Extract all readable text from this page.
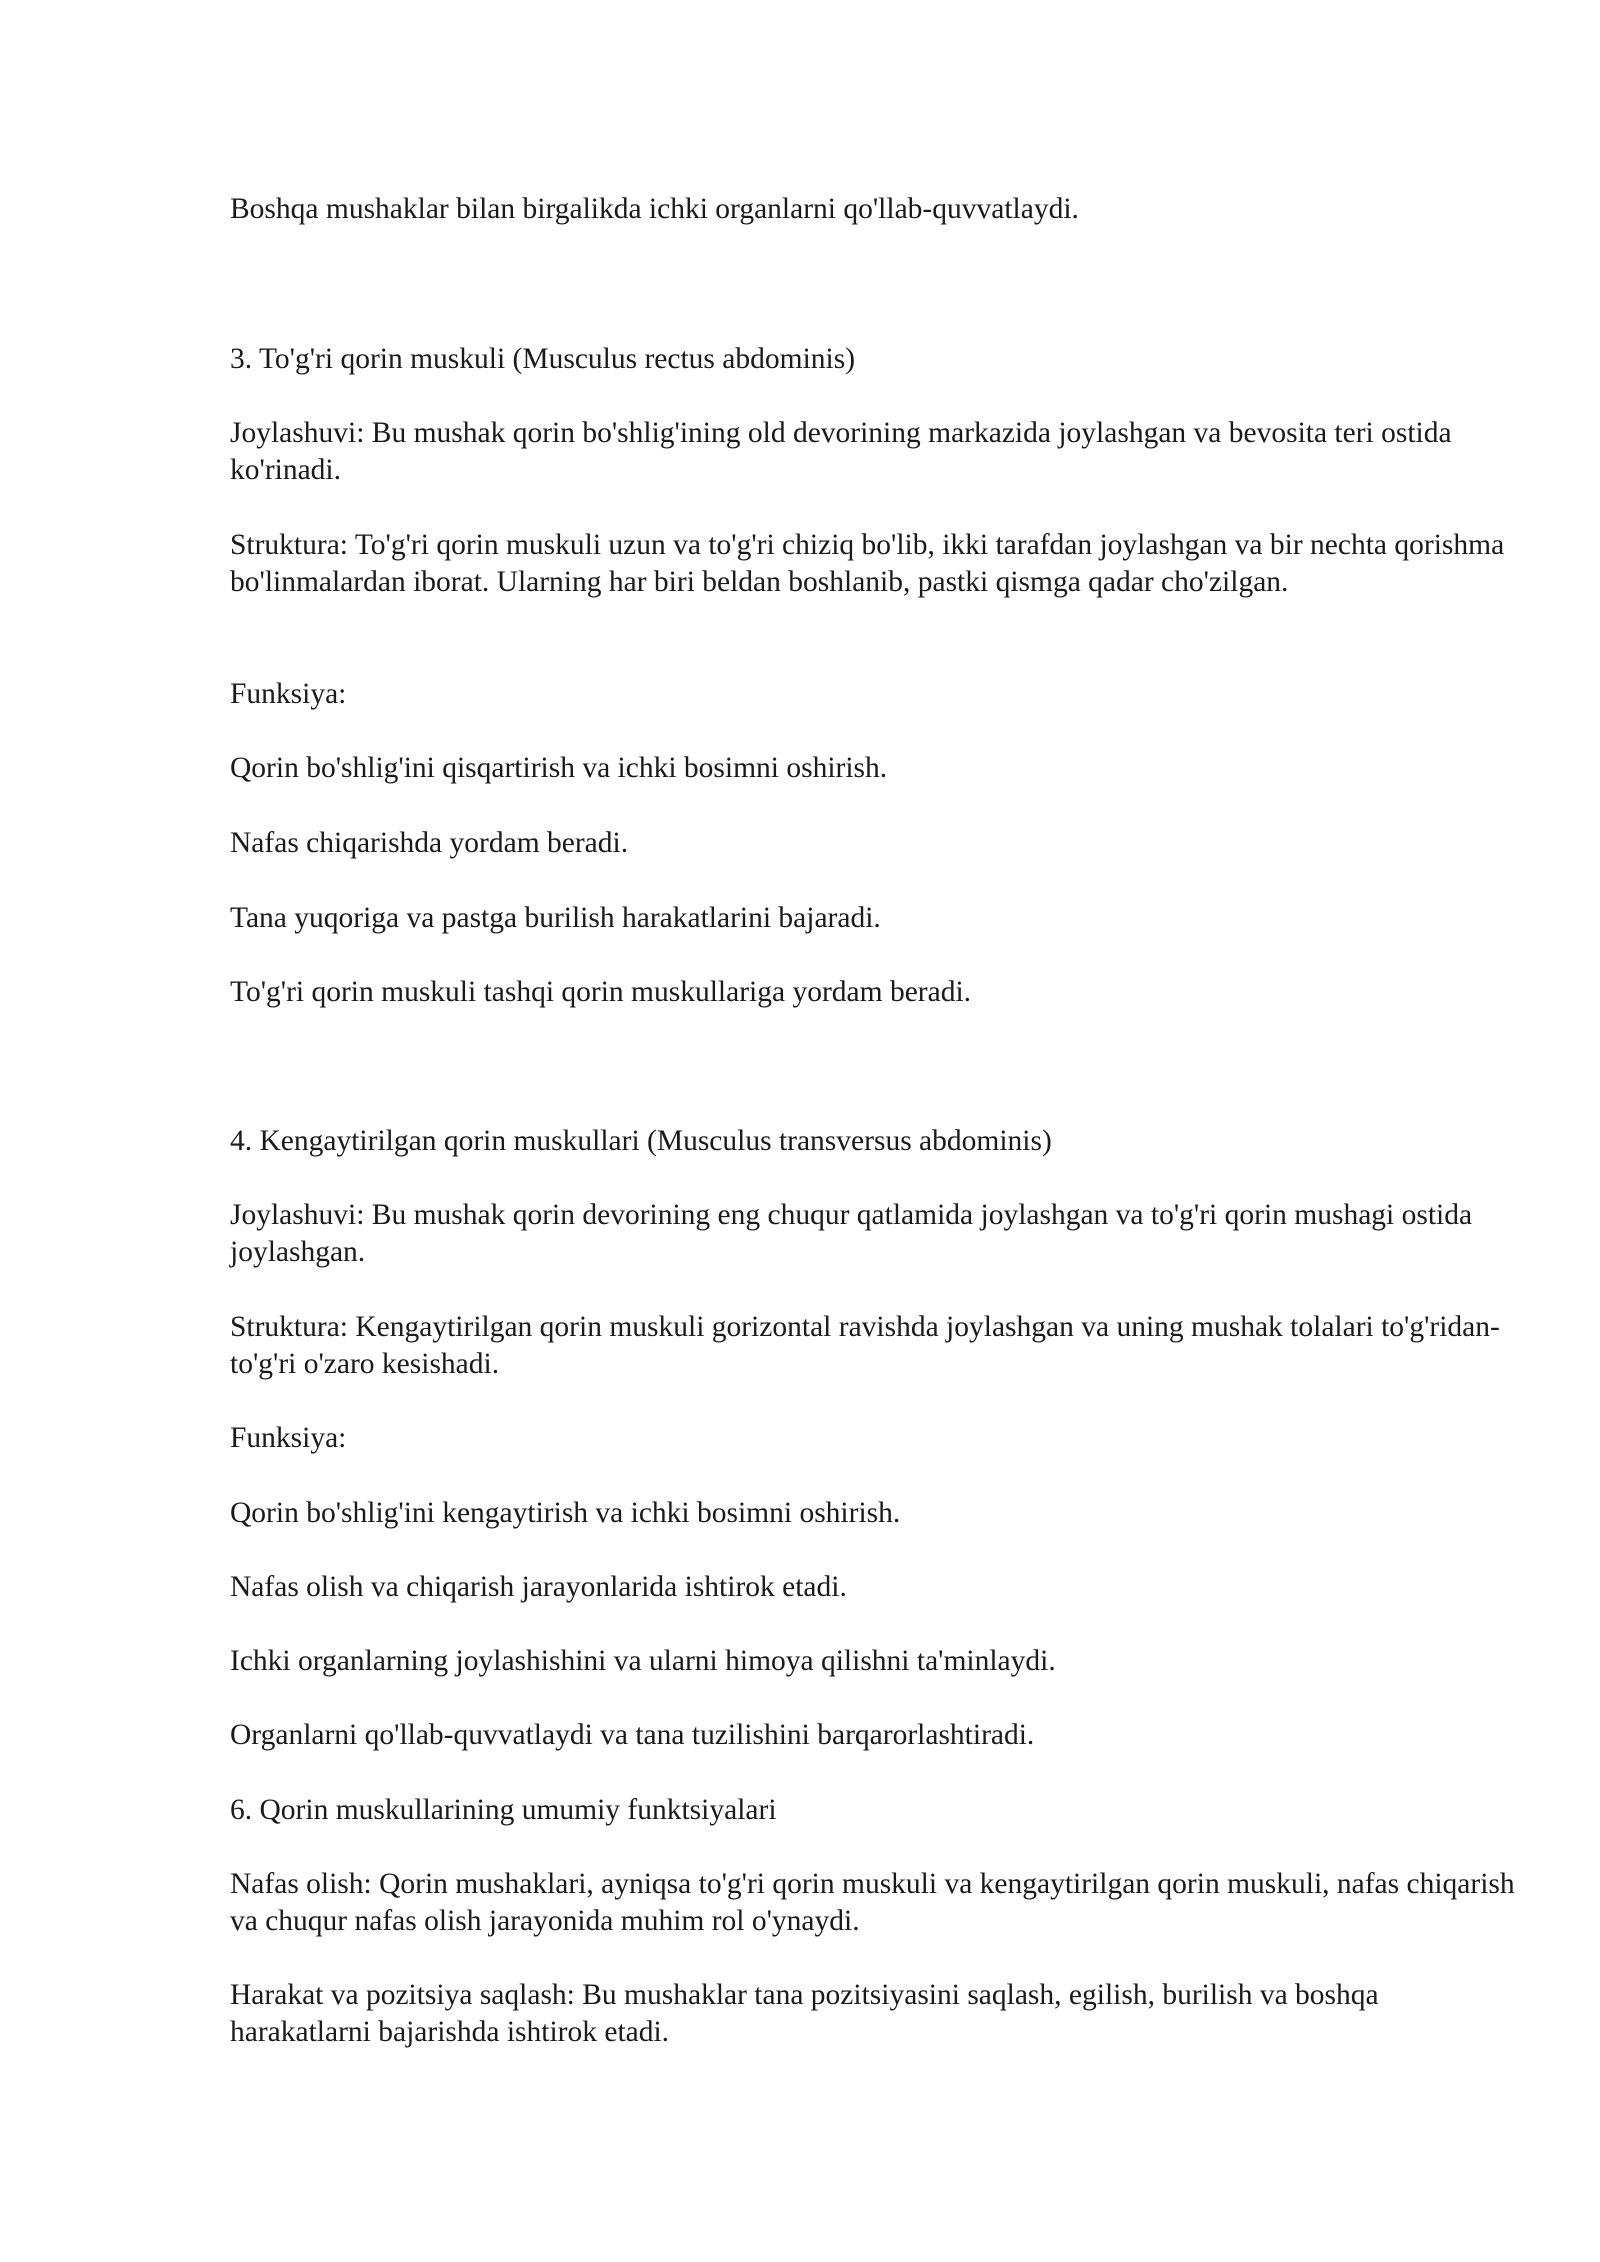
Boshqa mushaklar bilan birgalikda ichki organlarni qo'llab-quvvatlaydi.

3. To'g'ri qorin muskuli (Musculus rectus abdominis)

Joylashuvi: Bu mushak qorin bo'shlig'ining old devorining markazida joylashgan va bevosita teri ostida ko'rinadi.

Struktura: To'g'ri qorin muskuli uzun va to'g'ri chiziq bo'lib, ikki tarafdan joylashgan va bir nechta qorishma bo'linmalardan iborat. Ularning har biri beldan boshlanib, pastki qismga qadar cho'zilgan.

Funksiya:

Qorin bo'shlig'ini qisqartirish va ichki bosimni oshirish.

Nafas chiqarishda yordam beradi.

Tana yuqoriga va pastga burilish harakatlarini bajaradi.

To'g'ri qorin muskuli tashqi qorin muskullariga yordam beradi.

4. Kengaytirilgan qorin muskullari (Musculus transversus abdominis)

Joylashuvi: Bu mushak qorin devorining eng chuqur qatlamida joylashgan va to'g'ri qorin mushagi ostida joylashgan.

Struktura: Kengaytirilgan qorin muskuli gorizontal ravishda joylashgan va uning mushak tolalari to'g'ridan-to'g'ri o'zaro kesishadi.

Funksiya:

Qorin bo'shlig'ini kengaytirish va ichki bosimni oshirish.

Nafas olish va chiqarish jarayonlarida ishtirok etadi.

Ichki organlarning joylashishini va ularni himoya qilishni ta'minlaydi.

Organlarni qo'llab-quvvatlaydi va tana tuzilishini barqarorlashtiradi.

6. Qorin muskullarining umumiy funktsiyalari

Nafas olish: Qorin mushaklari, ayniqsa to'g'ri qorin muskuli va kengaytirilgan qorin muskuli, nafas chiqarish va chuqur nafas olish jarayonida muhim rol o'ynaydi.

Harakat va pozitsiya saqlash: Bu mushaklar tana pozitsiyasini saqlash, egilish, burilish va boshqa harakatlarni bajarishda ishtirok etadi.
